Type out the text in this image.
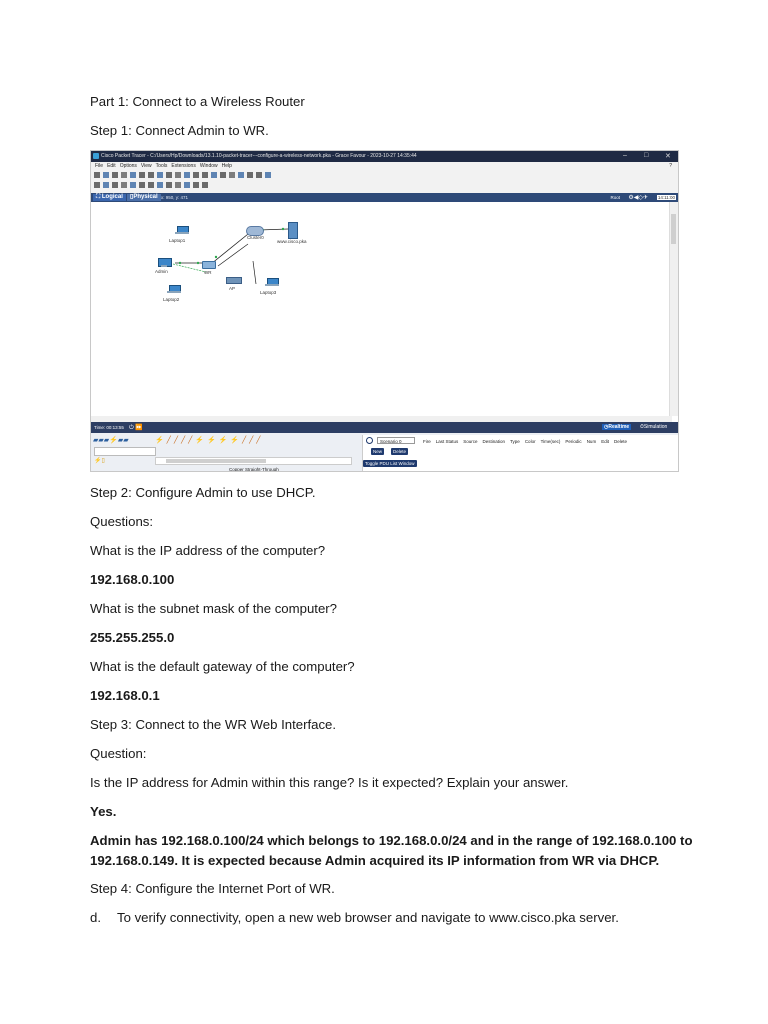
Part 1: Connect to a Wireless Router
Step 1: Connect Admin to WR.
Cisco Packet Tracer - C:/Users/Hp/Downloads/13.1.10-packet-tracer---configure-a-wireless-network.pka - Grace Favour - 2023-10-27 14:35:44	– □ ✕
File Edit Options View Tools Extensions Window Help	?
⛶ Logical	▯Physical x: 950, y: 471	Root ⚙◀◇✈ 14:11:00
Laptop1
Cluster0
www.cisco.pka
Admin	WR
AP
Laptop3
Laptop2
Time: 00:13:55 ⏻ ⏩	◷Realtime	⏱Simulation
▰▰▰⚡▰▰	⚡ ╱ ╱ ╱ ╱ ⚡ ⚡ ⚡ ⚡ ╱ ╱ ╱
⚡▯
Copper Straight-Through
Scenario 0
New	Delete
Toggle PDU List Window
Fire Last Status Source Destination Type Color Time(sec) Periodic Num Edit Delete
Step 2: Configure Admin to use DHCP.
Questions:
What is the IP address of the computer?
192.168.0.100
What is the subnet mask of the computer?
255.255.255.0
What is the default gateway of the computer?
192.168.0.1
Step 3: Connect to the WR Web Interface.
Question:
Is the IP address for Admin within this range? Is it expected? Explain your answer.
Yes.
Admin has 192.168.0.100/24 which belongs to 192.168.0.0/24 and in the range of 192.168.0.100 to
192.168.0.149. It is expected because Admin acquired its IP information from WR via DHCP.
Step 4: Configure the Internet Port of WR.
d. To verify connectivity, open a new web browser and navigate to www.cisco.pka server.
